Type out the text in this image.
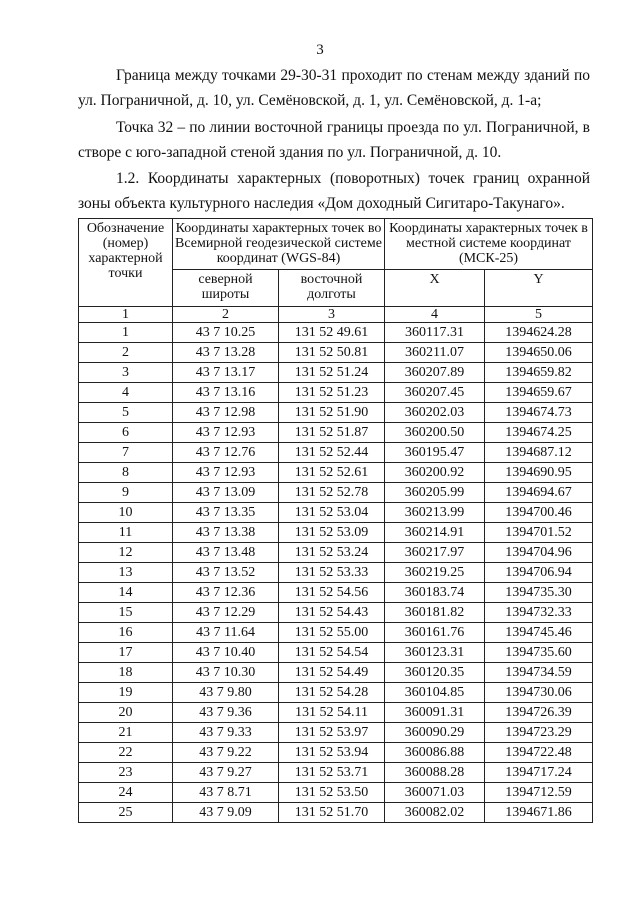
3

Граница между точками 29-30-31 проходит по стенам между зданий по ул. Пограничной, д. 10, ул. Семёновской, д. 1, ул. Семёновской, д. 1-а;

Точка 32 – по линии восточной границы проезда по ул. Пограничной, в створе с юго-западной стеной здания по ул. Пограничной, д. 10.

1.2. Координаты характерных (поворотных) точек границ охранной зоны объекта культурного наследия «Дом доходный Сигитаро-Такунаго».

Обозначение (номер) характерной точки	Координаты характерных точек во Всемирной геодезической системе координат (WGS-84)		Координаты характерных точек в местной системе координат (МСК-25)	
	северной широты	восточной долготы	X	Y
1	2	3	4	5
1	43 7 10.25	131 52 49.61	360117.31	1394624.28
2	43 7 13.28	131 52 50.81	360211.07	1394650.06
3	43 7 13.17	131 52 51.24	360207.89	1394659.82
4	43 7 13.16	131 52 51.23	360207.45	1394659.67
5	43 7 12.98	131 52 51.90	360202.03	1394674.73
6	43 7 12.93	131 52 51.87	360200.50	1394674.25
7	43 7 12.76	131 52 52.44	360195.47	1394687.12
8	43 7 12.93	131 52 52.61	360200.92	1394690.95
9	43 7 13.09	131 52 52.78	360205.99	1394694.67
10	43 7 13.35	131 52 53.04	360213.99	1394700.46
11	43 7 13.38	131 52 53.09	360214.91	1394701.52
12	43 7 13.48	131 52 53.24	360217.97	1394704.96
13	43 7 13.52	131 52 53.33	360219.25	1394706.94
14	43 7 12.36	131 52 54.56	360183.74	1394735.30
15	43 7 12.29	131 52 54.43	360181.82	1394732.33
16	43 7 11.64	131 52 55.00	360161.76	1394745.46
17	43 7 10.40	131 52 54.54	360123.31	1394735.60
18	43 7 10.30	131 52 54.49	360120.35	1394734.59
19	43 7 9.80	131 52 54.28	360104.85	1394730.06
20	43 7 9.36	131 52 54.11	360091.31	1394726.39
21	43 7 9.33	131 52 53.97	360090.29	1394723.29
22	43 7 9.22	131 52 53.94	360086.88	1394722.48
23	43 7 9.27	131 52 53.71	360088.28	1394717.24
24	43 7 8.71	131 52 53.50	360071.03	1394712.59
25	43 7 9.09	131 52 51.70	360082.02	1394671.86
